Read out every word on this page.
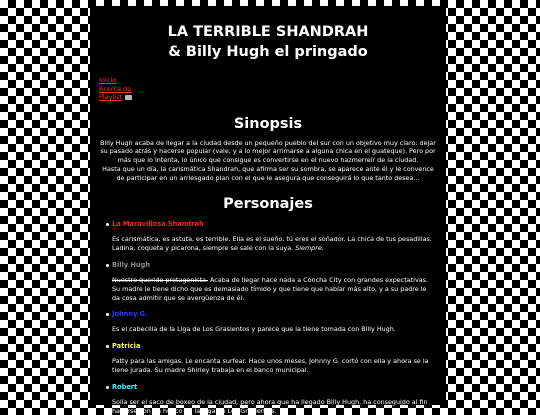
LA TERRIBLE SHANDRAH
& Billy Hugh el pringado
Inicio
Acerca de
Playlist
Sinopsis
Billy Hugh acaba de llegar a la ciudad desde un pequeño pueblo del sur con un objetivo muy claro: dejar su pasado atrás y hacerse popular (vale, y a lo mejor arrimarse a alguna chica en el guateque). Pero por más que lo intenta, lo único que consigue es convertirse en el nuevo hazmerreír de la ciudad.
Hasta que un día, la carismática Shandrah, que afirma ser su sombra, se aparece ante él y le convence de participar en un arriesgado plan con el que le asegura que conseguirá lo que tanto desea...
Personajes
La Maravillosa Shandrah
Es carismática, es astuta, es terrible. Ella es el sueño, tú eres el soñador. La chica de tus pesadillas. Ladina, coqueta y picarona, siempre se sale con la suya. Siempre.
Billy Hugh
Nuestro querido protagonista. Acaba de llegar hace nada a Concha City con grandes expectativas. Su madre le tiene dicho que es demasiado tímido y que tiene que hablar más alto, y a su padre le da cosa admitir que se avergüenza de él.
Johnny G.
Es el cabecilla de la Liga de Los Grasientos y parece que la tiene tomada con Billy Hugh.
Patricia
Patty para las amigas. Le encanta surfear. Hace unos meses, Johnny G. cortó con ella y ahora se la tiene jurada. Su madre Shirley trabaja en el banco municipal.
Robert
Solía ser el saco de boxeo de la ciudad, pero ahora que ha llegado Billy Hugh, ha conseguido al fin hacerse con un hueco en la Liga de Los Grasientos.
